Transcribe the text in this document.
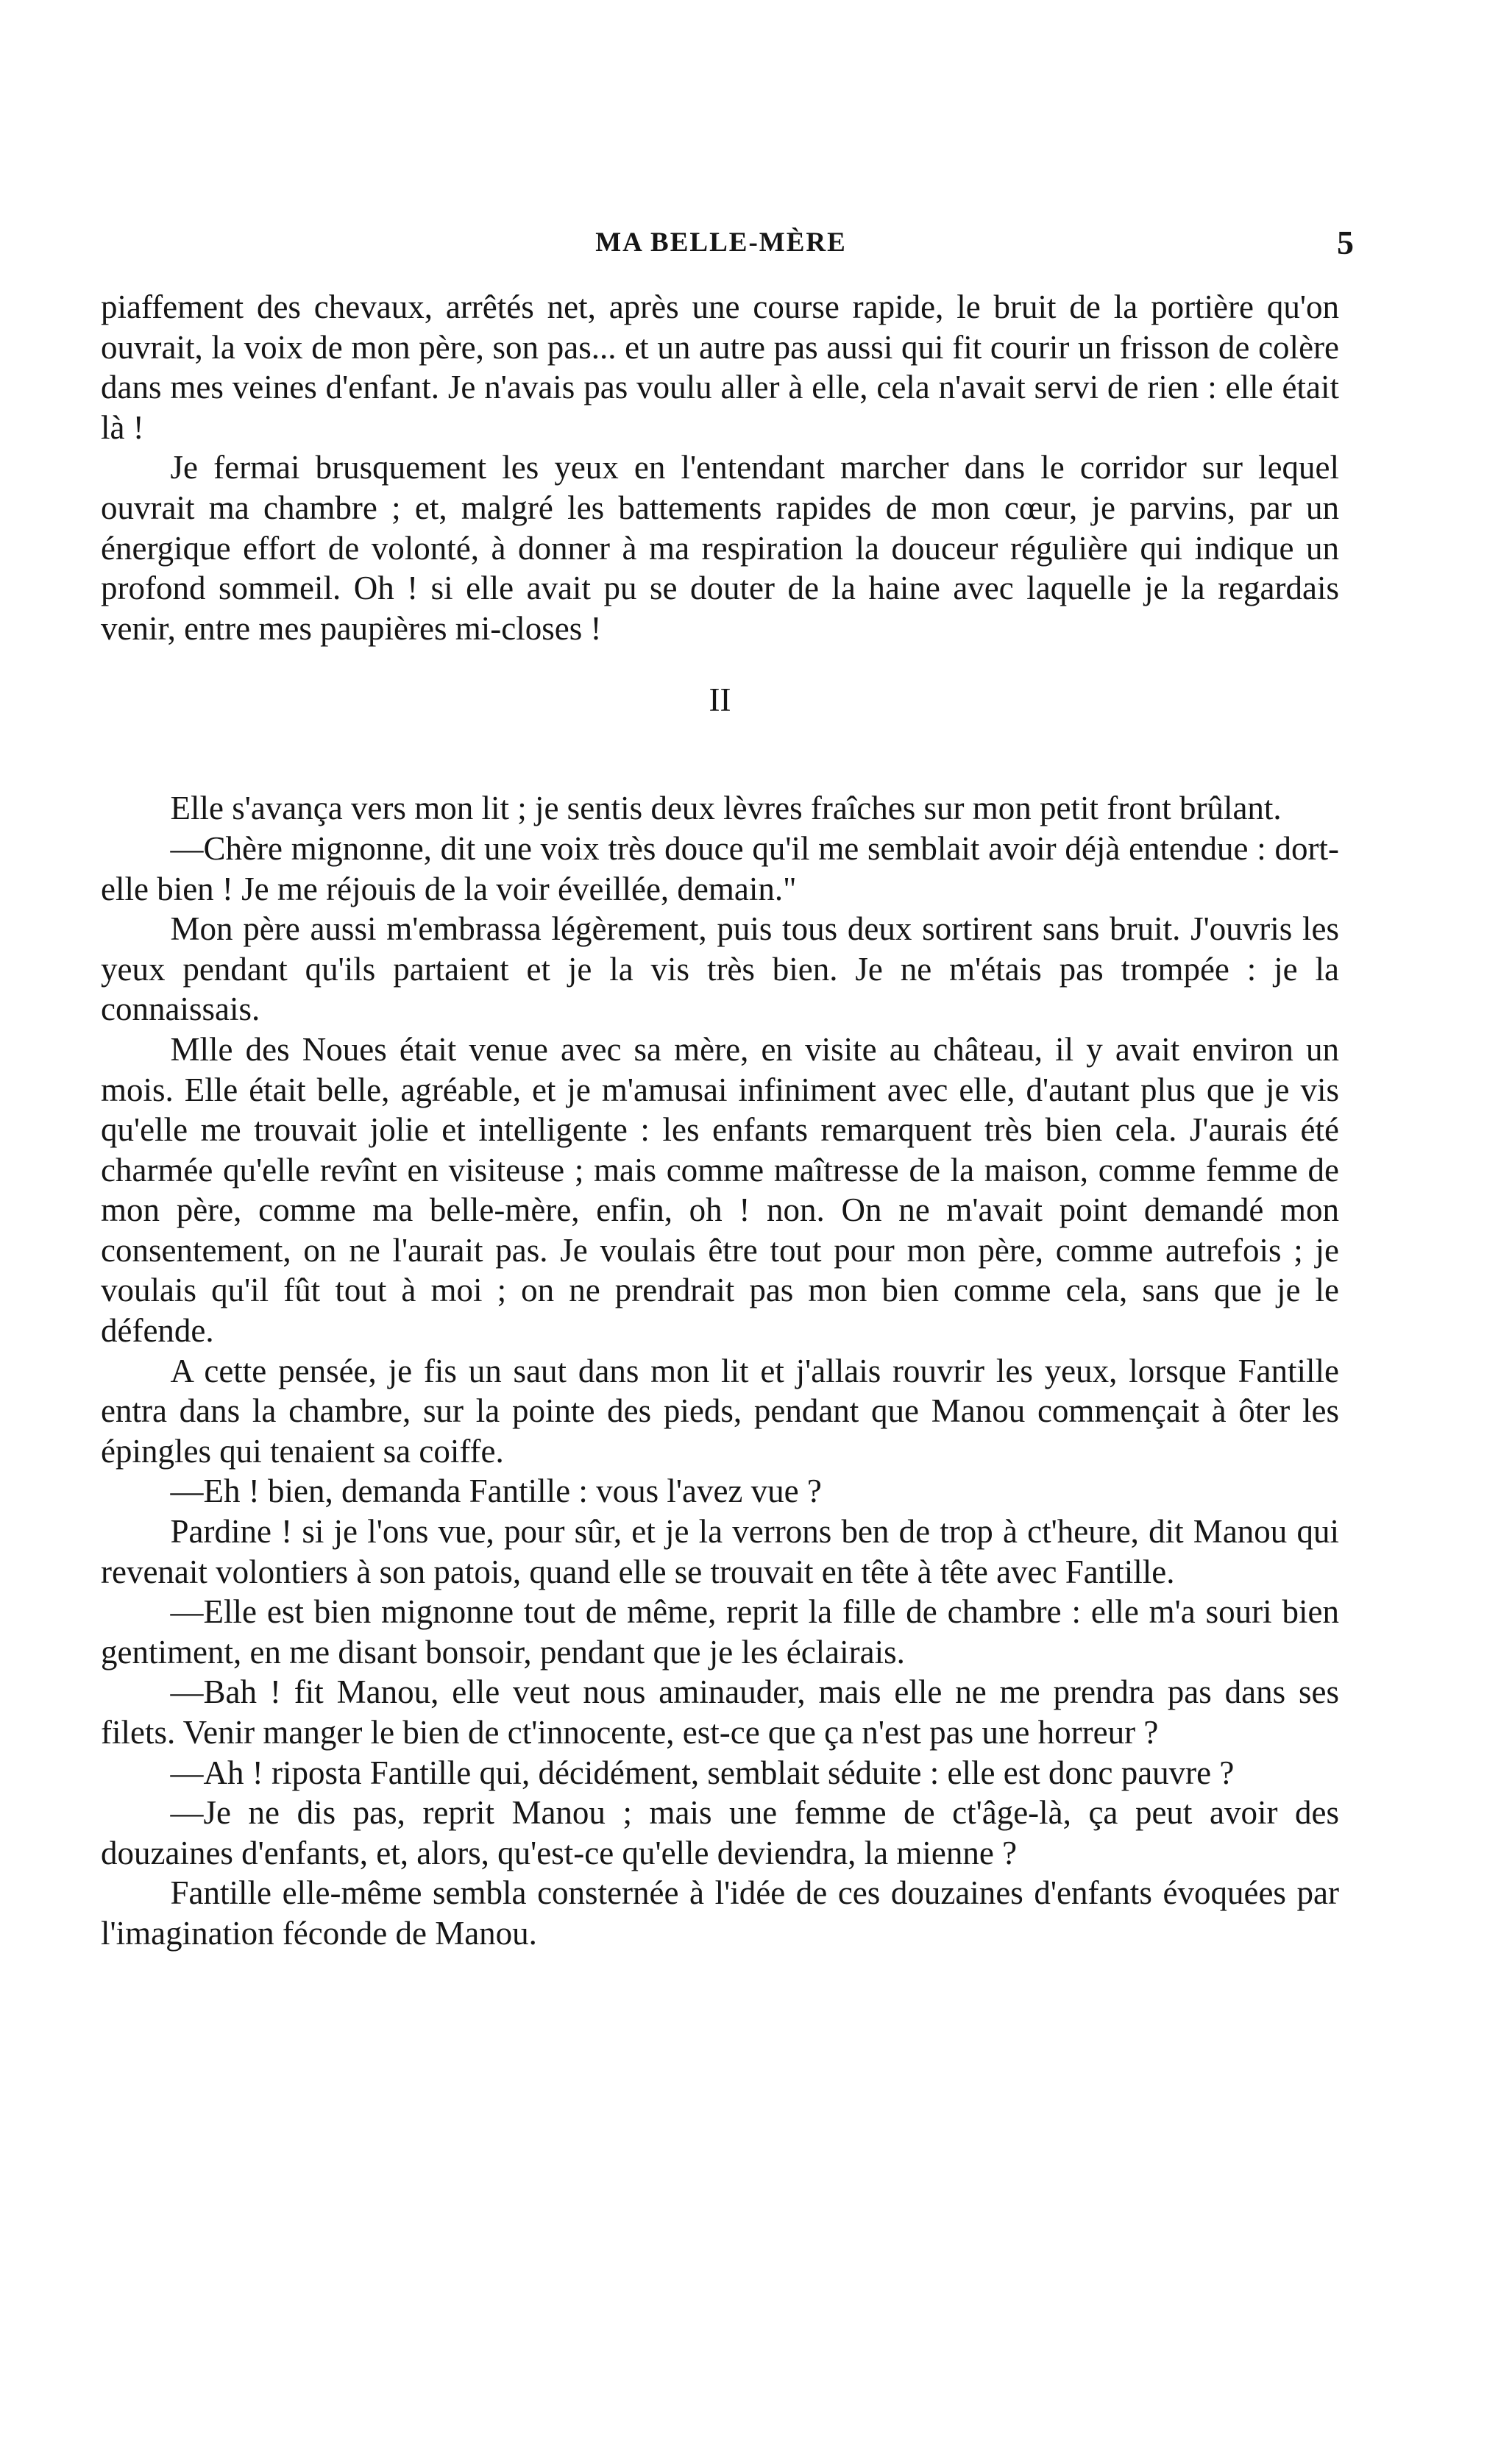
MA BELLE-MÈRE	5

piaffement des chevaux, arrêtés net, après une course rapide, le bruit de la portière qu'on ouvrait, la voix de mon père, son pas... et un autre pas aussi qui fit courir un frisson de colère dans mes veines d'enfant. Je n'avais pas voulu aller à elle, cela n'avait servi de rien : elle était là !

Je fermai brusquement les yeux en l'entendant marcher dans le corridor sur lequel ouvrait ma chambre ; et, malgré les battements rapides de mon cœur, je parvins, par un énergique effort de volonté, à donner à ma respiration la douceur régulière qui indique un profond sommeil. Oh ! si elle avait pu se douter de la haine avec laquelle je la regardais venir, entre mes paupières mi-closes !

II

Elle s'avança vers mon lit ; je sentis deux lèvres fraîches sur mon petit front brûlant.

—Chère mignonne, dit une voix très douce qu'il me semblait avoir déjà entendue : dort-elle bien ! Je me réjouis de la voir éveillée, demain."

Mon père aussi m'embrassa légèrement, puis tous deux sortirent sans bruit. J'ouvris les yeux pendant qu'ils partaient et je la vis très bien. Je ne m'étais pas trompée : je la connaissais.

Mlle des Noues était venue avec sa mère, en visite au château, il y avait environ un mois. Elle était belle, agréable, et je m'amusai infiniment avec elle, d'autant plus que je vis qu'elle me trouvait jolie et intelligente : les enfants remarquent très bien cela. J'aurais été charmée qu'elle revînt en visiteuse ; mais comme maîtresse de la maison, comme femme de mon père, comme ma belle-mère, enfin, oh ! non. On ne m'avait point demandé mon consentement, on ne l'aurait pas. Je voulais être tout pour mon père, comme autrefois ; je voulais qu'il fût tout à moi ; on ne prendrait pas mon bien comme cela, sans que je le défende.

A cette pensée, je fis un saut dans mon lit et j'allais rouvrir les yeux, lorsque Fantille entra dans la chambre, sur la pointe des pieds, pendant que Manou commençait à ôter les épingles qui tenaient sa coiffe.

—Eh ! bien, demanda Fantille : vous l'avez vue ?

Pardine ! si je l'ons vue, pour sûr, et je la verrons ben de trop à ct'heure, dit Manou qui revenait volontiers à son patois, quand elle se trouvait en tête à tête avec Fantille.

—Elle est bien mignonne tout de même, reprit la fille de chambre : elle m'a souri bien gentiment, en me disant bonsoir, pendant que je les éclairais.

—Bah ! fit Manou, elle veut nous aminauder, mais elle ne me prendra pas dans ses filets. Venir manger le bien de ct'innocente, est-ce que ça n'est pas une horreur ?

—Ah ! riposta Fantille qui, décidément, semblait séduite : elle est donc pauvre ?

—Je ne dis pas, reprit Manou ; mais une femme de ct'âge-là, ça peut avoir des douzaines d'enfants, et, alors, qu'est-ce qu'elle deviendra, la mienne ?

Fantille elle-même sembla consternée à l'idée de ces douzaines d'enfants évoquées par l'imagination féconde de Manou.
